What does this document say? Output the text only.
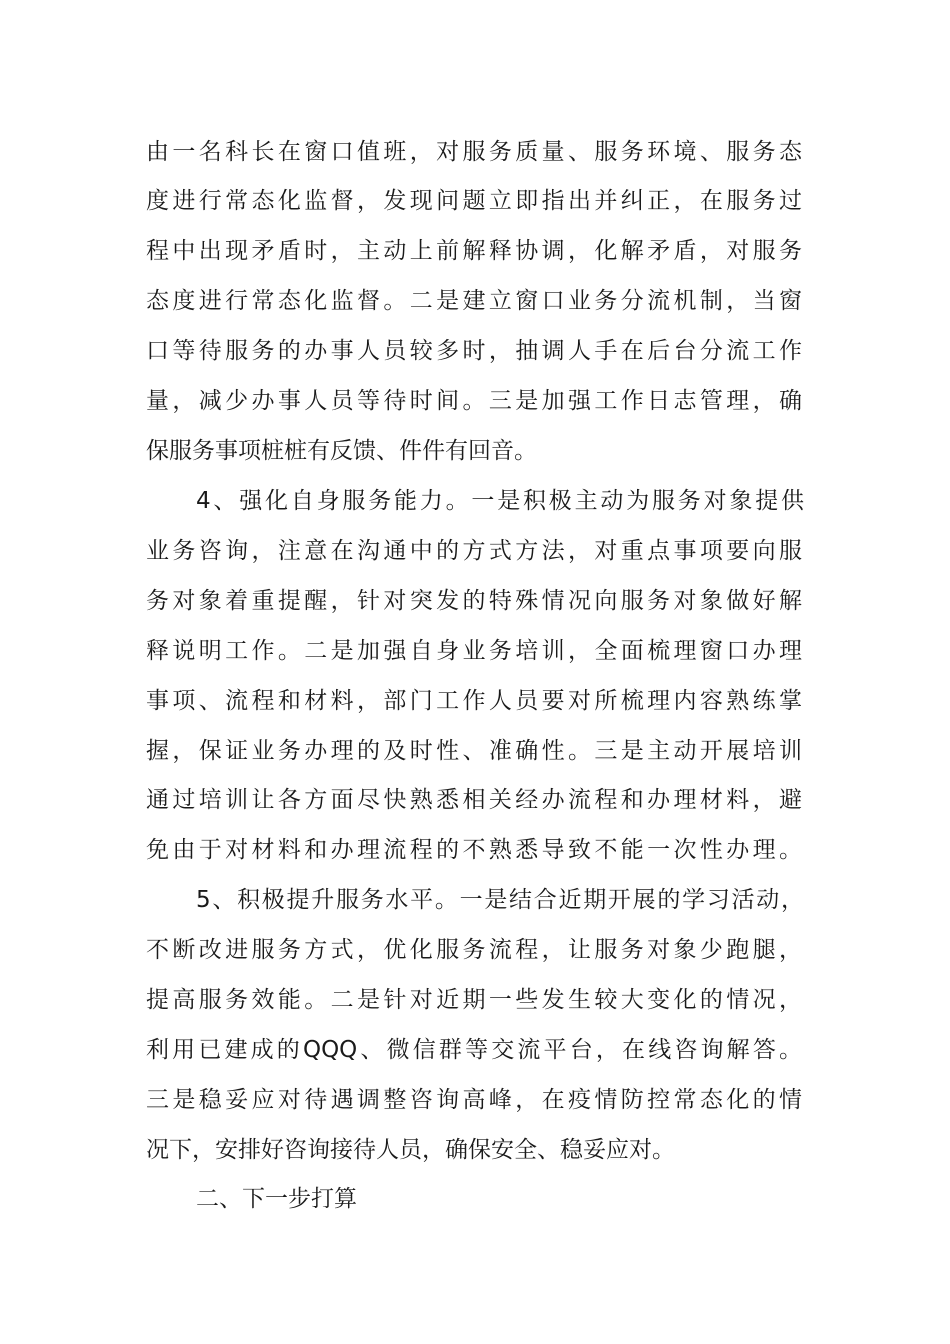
由一名科长在窗口值班，对服务质量、服务环境、服务态
度进行常态化监督，发现问题立即指出并纠正，在服务过
程中出现矛盾时，主动上前解释协调，化解矛盾，对服务
态度进行常态化监督。二是建立窗口业务分流机制，当窗
口等待服务的办事人员较多时，抽调人手在后台分流工作
量，减少办事人员等待时间。三是加强工作日志管理，确
保服务事项桩桩有反馈、件件有回音。
4、强化自身服务能力。一是积极主动为服务对象提供
业务咨询，注意在沟通中的方式方法，对重点事项要向服
务对象着重提醒，针对突发的特殊情况向服务对象做好解
释说明工作。二是加强自身业务培训，全面梳理窗口办理
事项、流程和材料，部门工作人员要对所梳理内容熟练掌
握，保证业务办理的及时性、准确性。三是主动开展培训
通过培训让各方面尽快熟悉相关经办流程和办理材料，避
免由于对材料和办理流程的不熟悉导致不能一次性办理。
5、积极提升服务水平。一是结合近期开展的学习活动，
不断改进服务方式，优化服务流程，让服务对象少跑腿，
提高服务效能。二是针对近期一些发生较大变化的情况，
利用已建成的QQQ、微信群等交流平台，在线咨询解答。
三是稳妥应对待遇调整咨询高峰，在疫情防控常态化的情
况下，安排好咨询接待人员，确保安全、稳妥应对。
二、下一步打算
